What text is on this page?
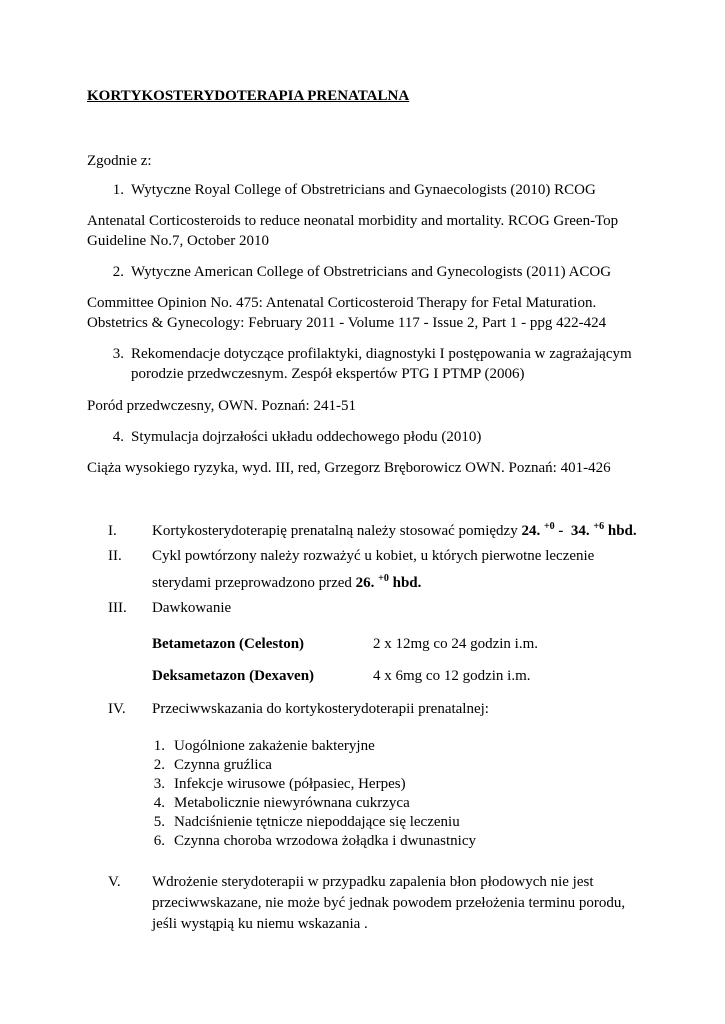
KORTYKOSTERYDOTERAPIA PRENATALNA
Zgodnie z:
1. Wytyczne Royal College of Obstretricians and Gynaecologists (2010) RCOG
Antenatal Corticosteroids to reduce neonatal morbidity and mortality. RCOG Green-Top
Guideline No.7, October 2010
2. Wytyczne American College of Obstretricians and Gynecologists (2011) ACOG
Committee Opinion No. 475: Antenatal Corticosteroid Therapy for Fetal Maturation.
Obstetrics & Gynecology: February 2011 - Volume 117 - Issue 2, Part 1 - ppg 422-424
3. Rekomendacje dotyczące profilaktyki, diagnostyki I postępowania w zagrażającym
porodzie przedwczesnym. Zespół ekspertów PTG I PTMP (2006)
Poród przedwczesny, OWN. Poznań: 241-51
4. Stymulacja dojrzałości układu oddechowego płodu (2010)
Ciąża wysokiego ryzyka, wyd. III, red, Grzegorz Bręborowicz OWN. Poznań: 401-426
I.	Kortykosterydoterapię prenatalną należy stosować pomiędzy 24. $^{+0}$ -  34. $^{+6}$ hbd.
II.	Cykl powtórzony należy rozważyć u kobiet, u których pierwotne leczenie
sterydami przeprowadzono przed 26. $^{+0}$ hbd.
III.	Dawkowanie
Betametazon (Celeston)	2 x 12mg co 24 godzin i.m.
Deksametazon (Dexaven)	4 x 6mg co 12 godzin i.m.
IV.	Przeciwwskazania do kortykosterydoterapii prenatalnej:
1. Uogólnione zakażenie bakteryjne
2. Czynna gruźlica
3. Infekcje wirusowe (półpasiec, Herpes)
4. Metabolicznie niewyrównana cukrzyca
5. Nadciśnienie tętnicze niepoddające się leczeniu
6. Czynna choroba wrzodowa żołądka i dwunastnicy
V.	Wdrożenie sterydoterapii w przypadku zapalenia błon płodowych nie jest
przeciwwskazane, nie może być jednak powodem przełożenia terminu porodu,
jeśli wystąpią ku niemu wskazania .
